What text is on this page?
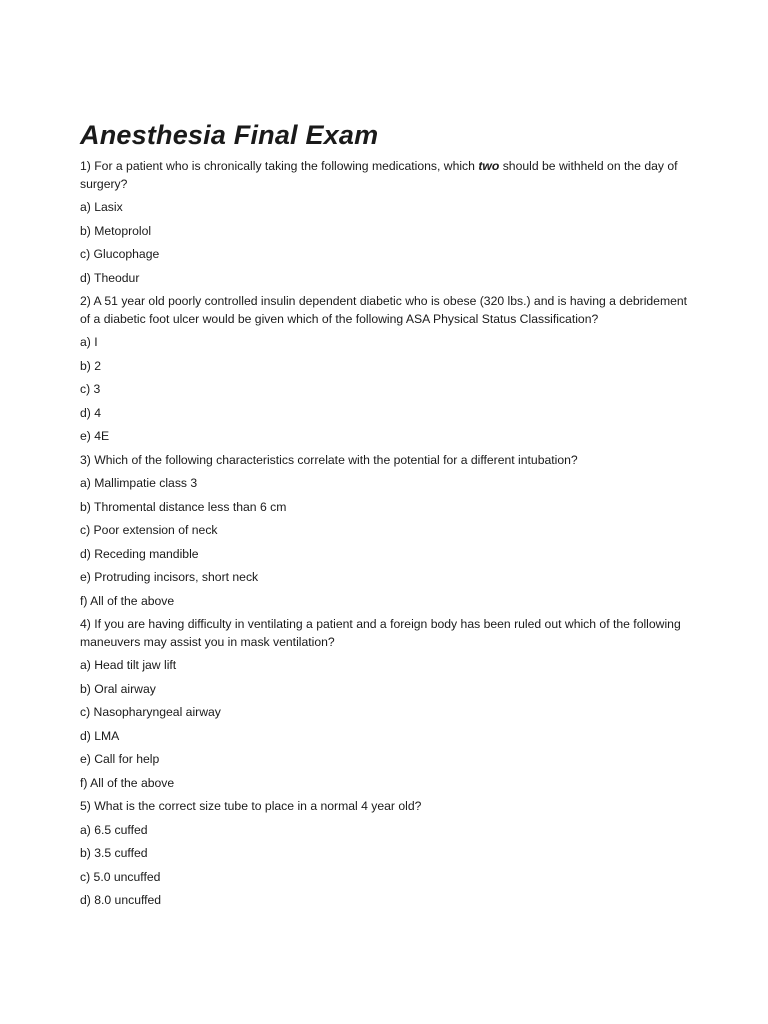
Anesthesia Final Exam

1) For a patient who is chronically taking the following medications, which two should be withheld on the day of surgery?

a) Lasix

b) Metoprolol

c) Glucophage

d) Theodur

2) A 51 year old poorly controlled insulin dependent diabetic who is obese (320 lbs.) and is having a debridement of a diabetic foot ulcer would be given which of the following ASA Physical Status Classification?

a) I

b) 2

c) 3

d) 4

e) 4E

3) Which of the following characteristics correlate with the potential for a different intubation?

a) Mallimpatie class 3

b) Thromental distance less than 6 cm

c) Poor extension of neck

d) Receding mandible

e) Protruding incisors, short neck

f) All of the above

4) If you are having difficulty in ventilating a patient and a foreign body has been ruled out which of the following maneuvers may assist you in mask ventilation?

a) Head tilt jaw lift

b) Oral airway

c) Nasopharyngeal airway

d) LMA

e) Call for help

f) All of the above

5) What is the correct size tube to place in a normal 4 year old?

a) 6.5 cuffed

b) 3.5 cuffed

c) 5.0 uncuffed

d) 8.0 uncuffed
